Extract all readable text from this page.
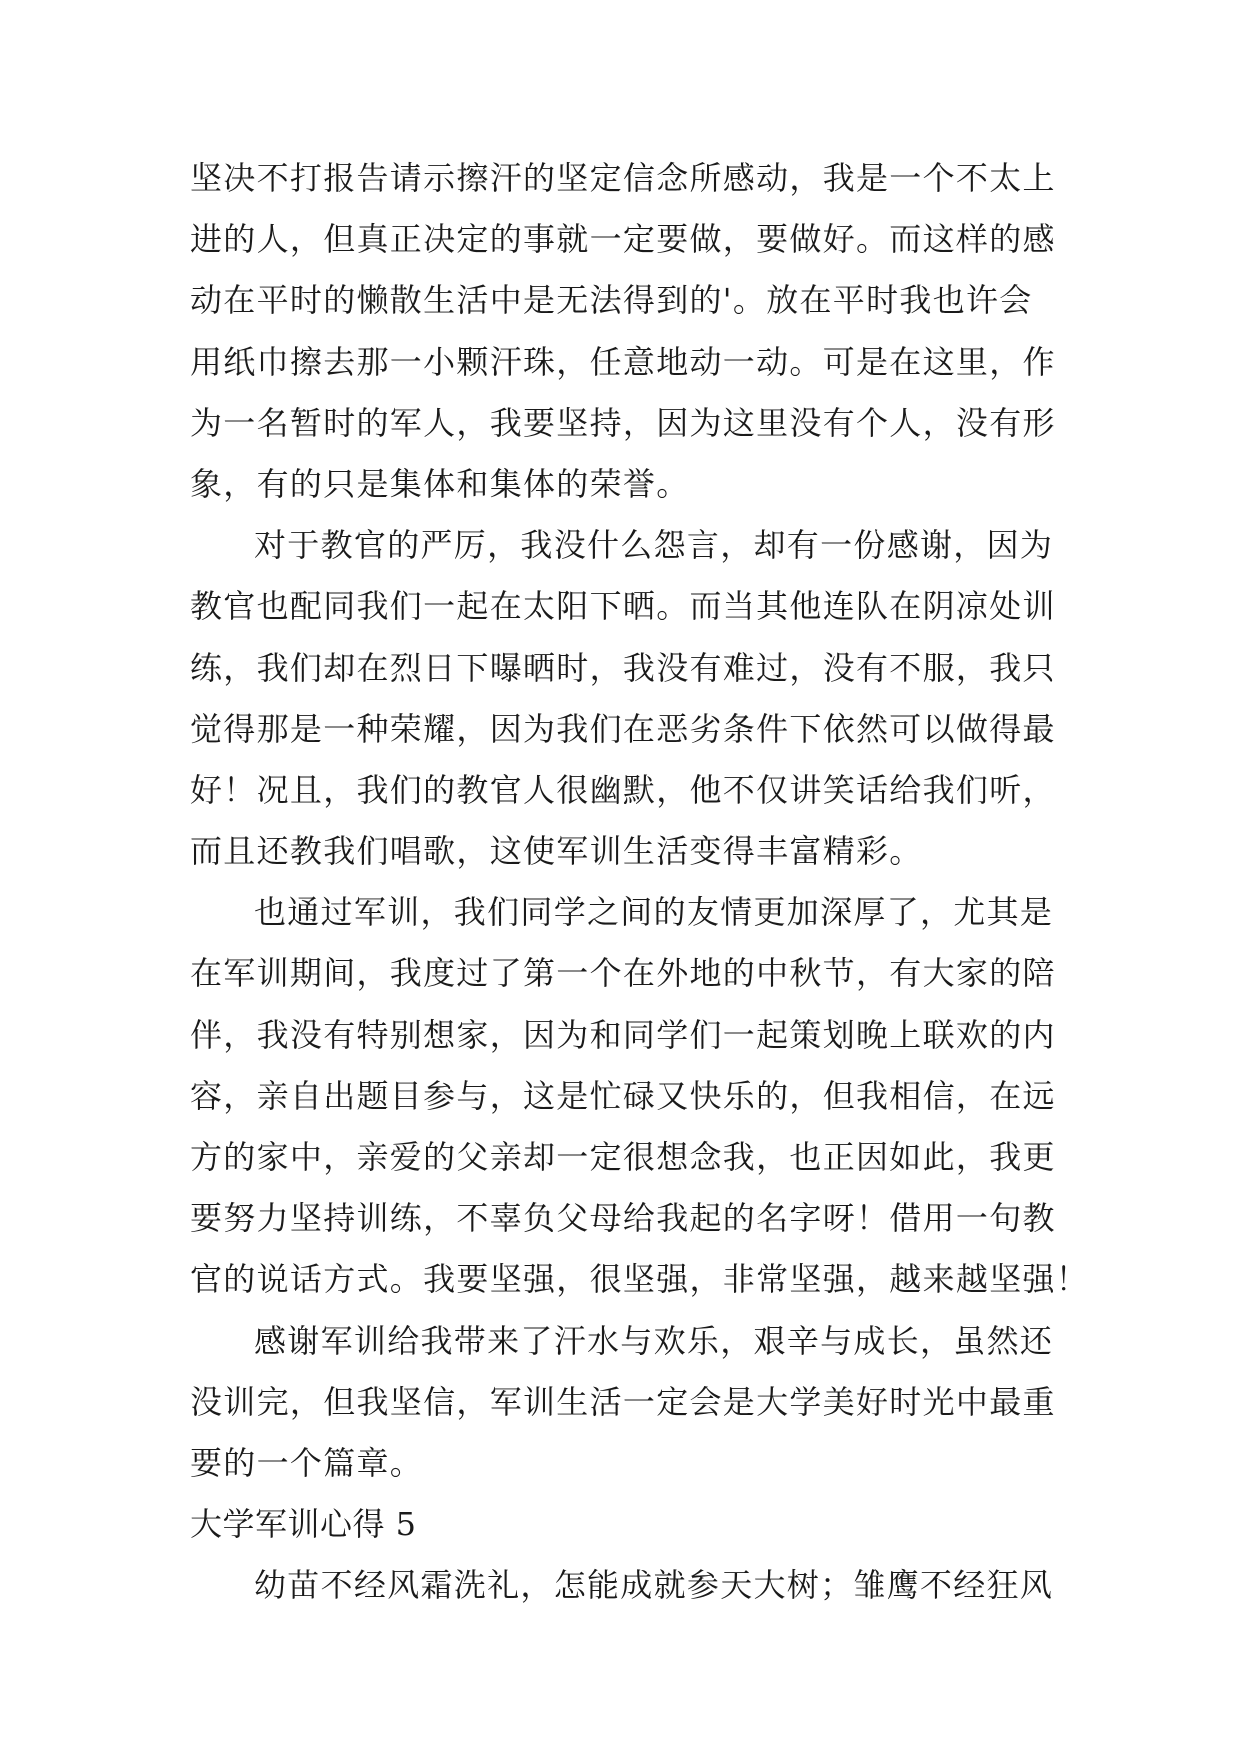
坚决不打报告请示擦汗的坚定信念所感动，我是一个不太上
进的人，但真正决定的事就一定要做，要做好。而这样的感
动在平时的懒散生活中是无法得到的'。放在平时我也许会
用纸巾擦去那一小颗汗珠，任意地动一动。可是在这里，作
为一名暂时的军人，我要坚持，因为这里没有个人，没有形
象，有的只是集体和集体的荣誉。
对于教官的严厉，我没什么怨言，却有一份感谢，因为
教官也配同我们一起在太阳下晒。而当其他连队在阴凉处训
练，我们却在烈日下曝晒时，我没有难过，没有不服，我只
觉得那是一种荣耀，因为我们在恶劣条件下依然可以做得最
好！况且，我们的教官人很幽默，他不仅讲笑话给我们听，
而且还教我们唱歌，这使军训生活变得丰富精彩。
也通过军训，我们同学之间的友情更加深厚了，尤其是
在军训期间，我度过了第一个在外地的中秋节，有大家的陪
伴，我没有特别想家，因为和同学们一起策划晚上联欢的内
容，亲自出题目参与，这是忙碌又快乐的，但我相信，在远
方的家中，亲爱的父亲却一定很想念我，也正因如此，我更
要努力坚持训练，不辜负父母给我起的名字呀！借用一句教
官的说话方式。我要坚强，很坚强，非常坚强，越来越坚强！
感谢军训给我带来了汗水与欢乐，艰辛与成长，虽然还
没训完，但我坚信，军训生活一定会是大学美好时光中最重
要的一个篇章。
大学军训心得 5
幼苗不经风霜洗礼，怎能成就参天大树；雏鹰不经狂风
